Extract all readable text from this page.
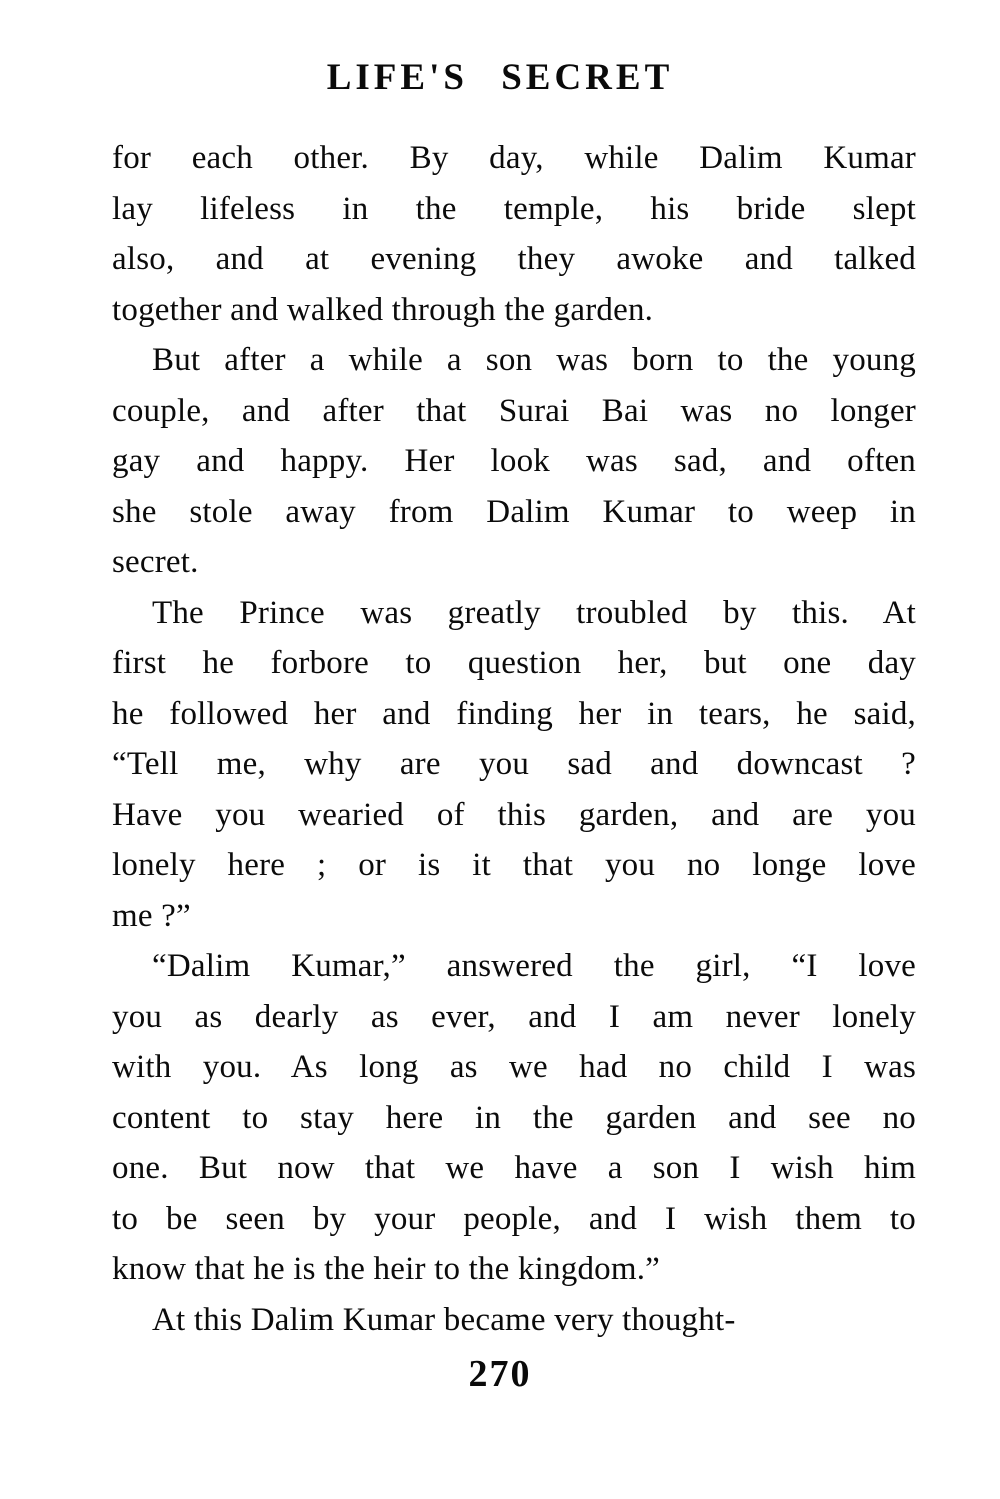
LIFE'S SECRET
for each other. By day, while Dalim Kumar
lay lifeless in the temple, his bride slept
also, and at evening they awoke and talked
together and walked through the garden.
But after a while a son was born to the young
couple, and after that Surai Bai was no longer
gay and happy. Her look was sad, and often
she stole away from Dalim Kumar to weep in
secret.
The Prince was greatly troubled by this. At
first he forbore to question her, but one day
he followed her and finding her in tears, he said,
“Tell me, why are you sad and downcast ?
Have you wearied of this garden, and are you
lonely here ; or is it that you no longe love
me ?”
“Dalim Kumar,” answered the girl, “I love
you as dearly as ever, and I am never lonely
with you. As long as we had no child I was
content to stay here in the garden and see no
one. But now that we have a son I wish him
to be seen by your people, and I wish them to
know that he is the heir to the kingdom.”
At this Dalim Kumar became very thought-
270
